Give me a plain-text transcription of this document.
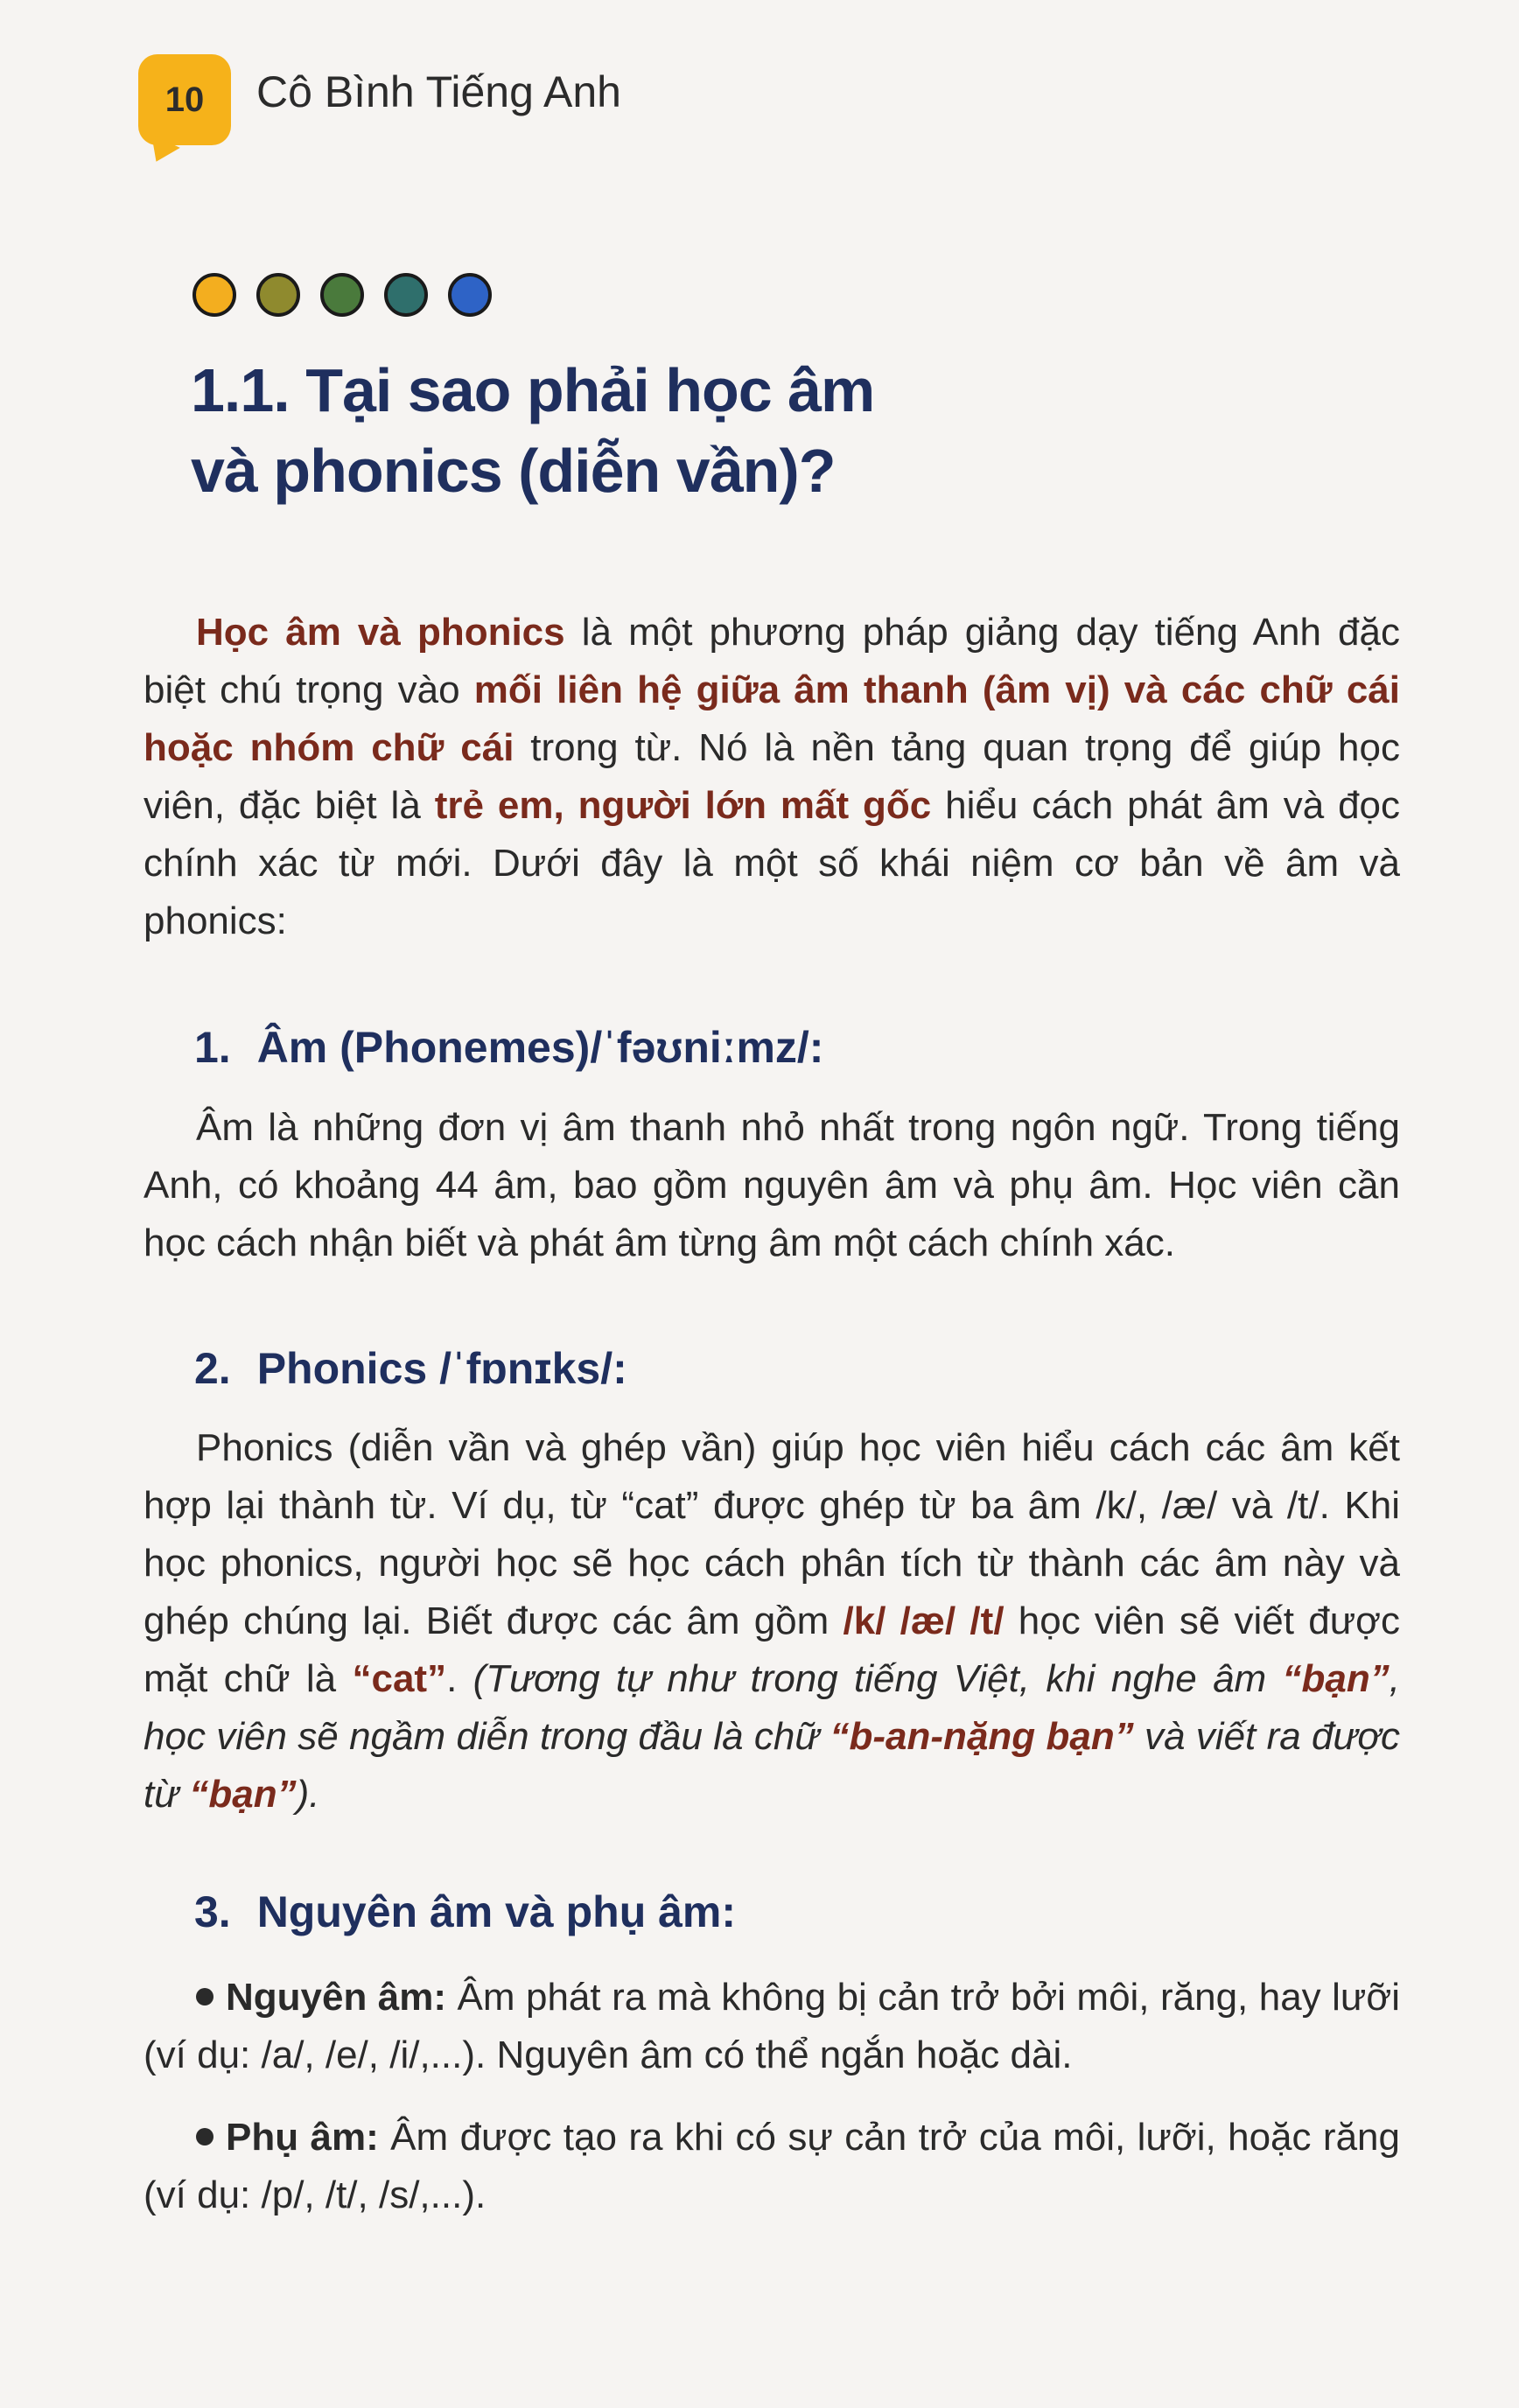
10 Cô Bình Tiếng Anh
1.1. Tại sao phải học âm
và phonics (diễn vần)?
Học âm và phonics là một phương pháp giảng dạy tiếng Anh đặc biệt chú trọng vào mối liên hệ giữa âm thanh (âm vị) và các chữ cái hoặc nhóm chữ cái trong từ. Nó là nền tảng quan trọng để giúp học viên, đặc biệt là trẻ em, người lớn mất gốc hiểu cách phát âm và đọc chính xác từ mới. Dưới đây là một số khái niệm cơ bản về âm và phonics:
1. Âm (Phonemes)/ˈfəʊniːmz/:
Âm là những đơn vị âm thanh nhỏ nhất trong ngôn ngữ. Trong tiếng Anh, có khoảng 44 âm, bao gồm nguyên âm và phụ âm. Học viên cần học cách nhận biết và phát âm từng âm một cách chính xác.
2. Phonics /ˈfɒnɪks/:
Phonics (diễn vần và ghép vần) giúp học viên hiểu cách các âm kết hợp lại thành từ. Ví dụ, từ “cat” được ghép từ ba âm /k/, /æ/ và /t/. Khi học phonics, người học sẽ học cách phân tích từ thành các âm này và ghép chúng lại. Biết được các âm gồm /k/ /æ/ /t/ học viên sẽ viết được mặt chữ là “cat”. (Tương tự như trong tiếng Việt, khi nghe âm “bạn”, học viên sẽ ngầm diễn trong đầu là chữ “b-an-nặng bạn” và viết ra được từ “bạn”).
3. Nguyên âm và phụ âm:
Nguyên âm: Âm phát ra mà không bị cản trở bởi môi, răng, hay lưỡi (ví dụ: /a/, /e/, /i/,...). Nguyên âm có thể ngắn hoặc dài.
Phụ âm: Âm được tạo ra khi có sự cản trở của môi, lưỡi, hoặc răng (ví dụ: /p/, /t/, /s/,...).
